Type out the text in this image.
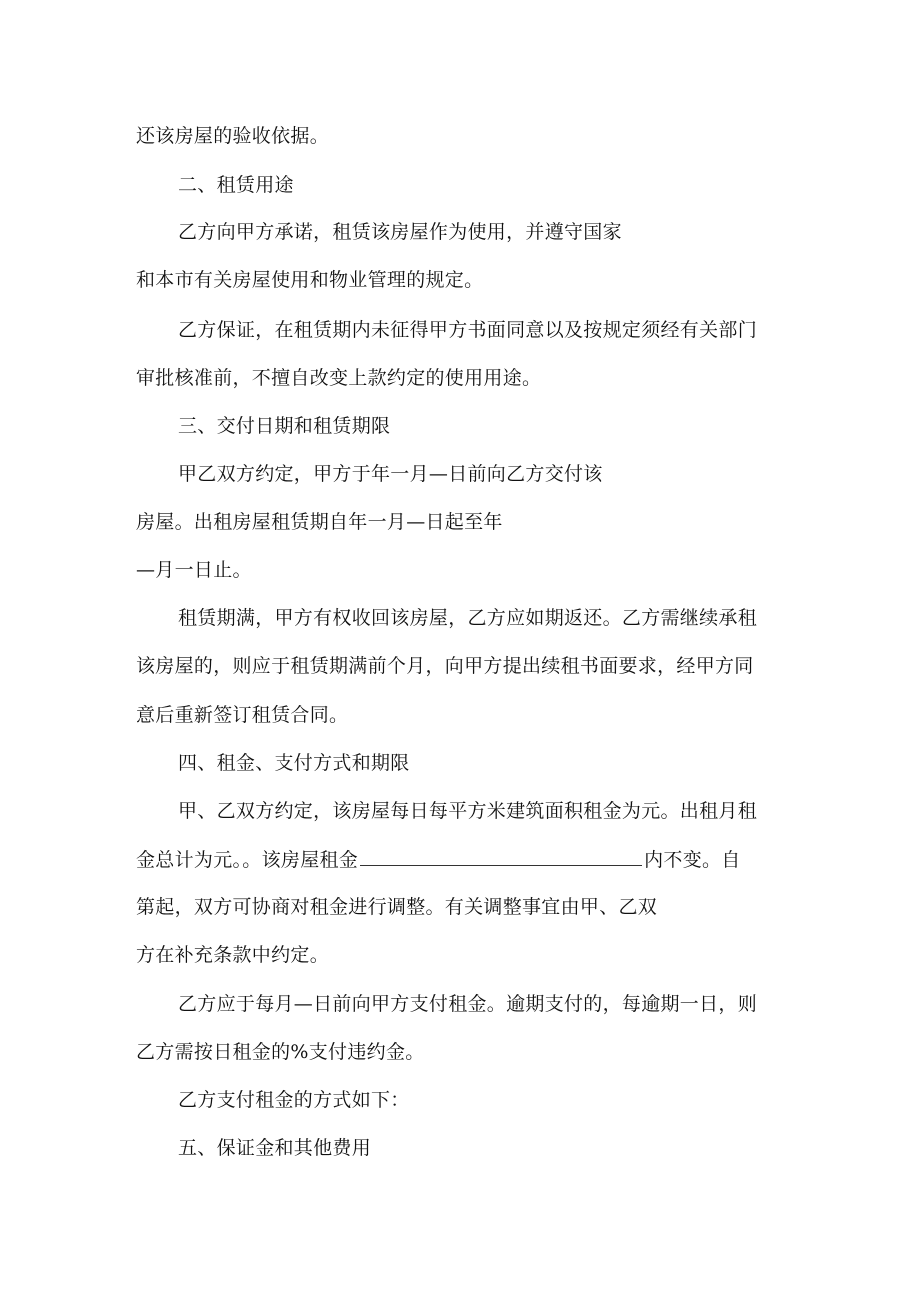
还该房屋的验收依据。
二、租赁用途
乙方向甲方承诺，租赁该房屋作为使用，并遵守国家
和本市有关房屋使用和物业管理的规定。
乙方保证，在租赁期内未征得甲方书面同意以及按规定须经有关部门
审批核准前，不擅自改变上款约定的使用用途。
三、交付日期和租赁期限
甲乙双方约定，甲方于年一月—日前向乙方交付该
房屋。出租房屋租赁期自年一月—日起至年
—月一日止。
租赁期满，甲方有权收回该房屋，乙方应如期返还。乙方需继续承租
该房屋的，则应于租赁期满前个月，向甲方提出续租书面要求，经甲方同
意后重新签订租赁合同。
四、租金、支付方式和期限
甲、乙双方约定，该房屋每日每平方米建筑面积租金为元。出租月租
金总计为元。。该房屋租金	内不变。自
第起，双方可协商对租金进行调整。有关调整事宜由甲、乙双
方在补充条款中约定。
乙方应于每月—日前向甲方支付租金。逾期支付的，每逾期一日，则
乙方需按日租金的%支付违约金。
乙方支付租金的方式如下：
五、保证金和其他费用
